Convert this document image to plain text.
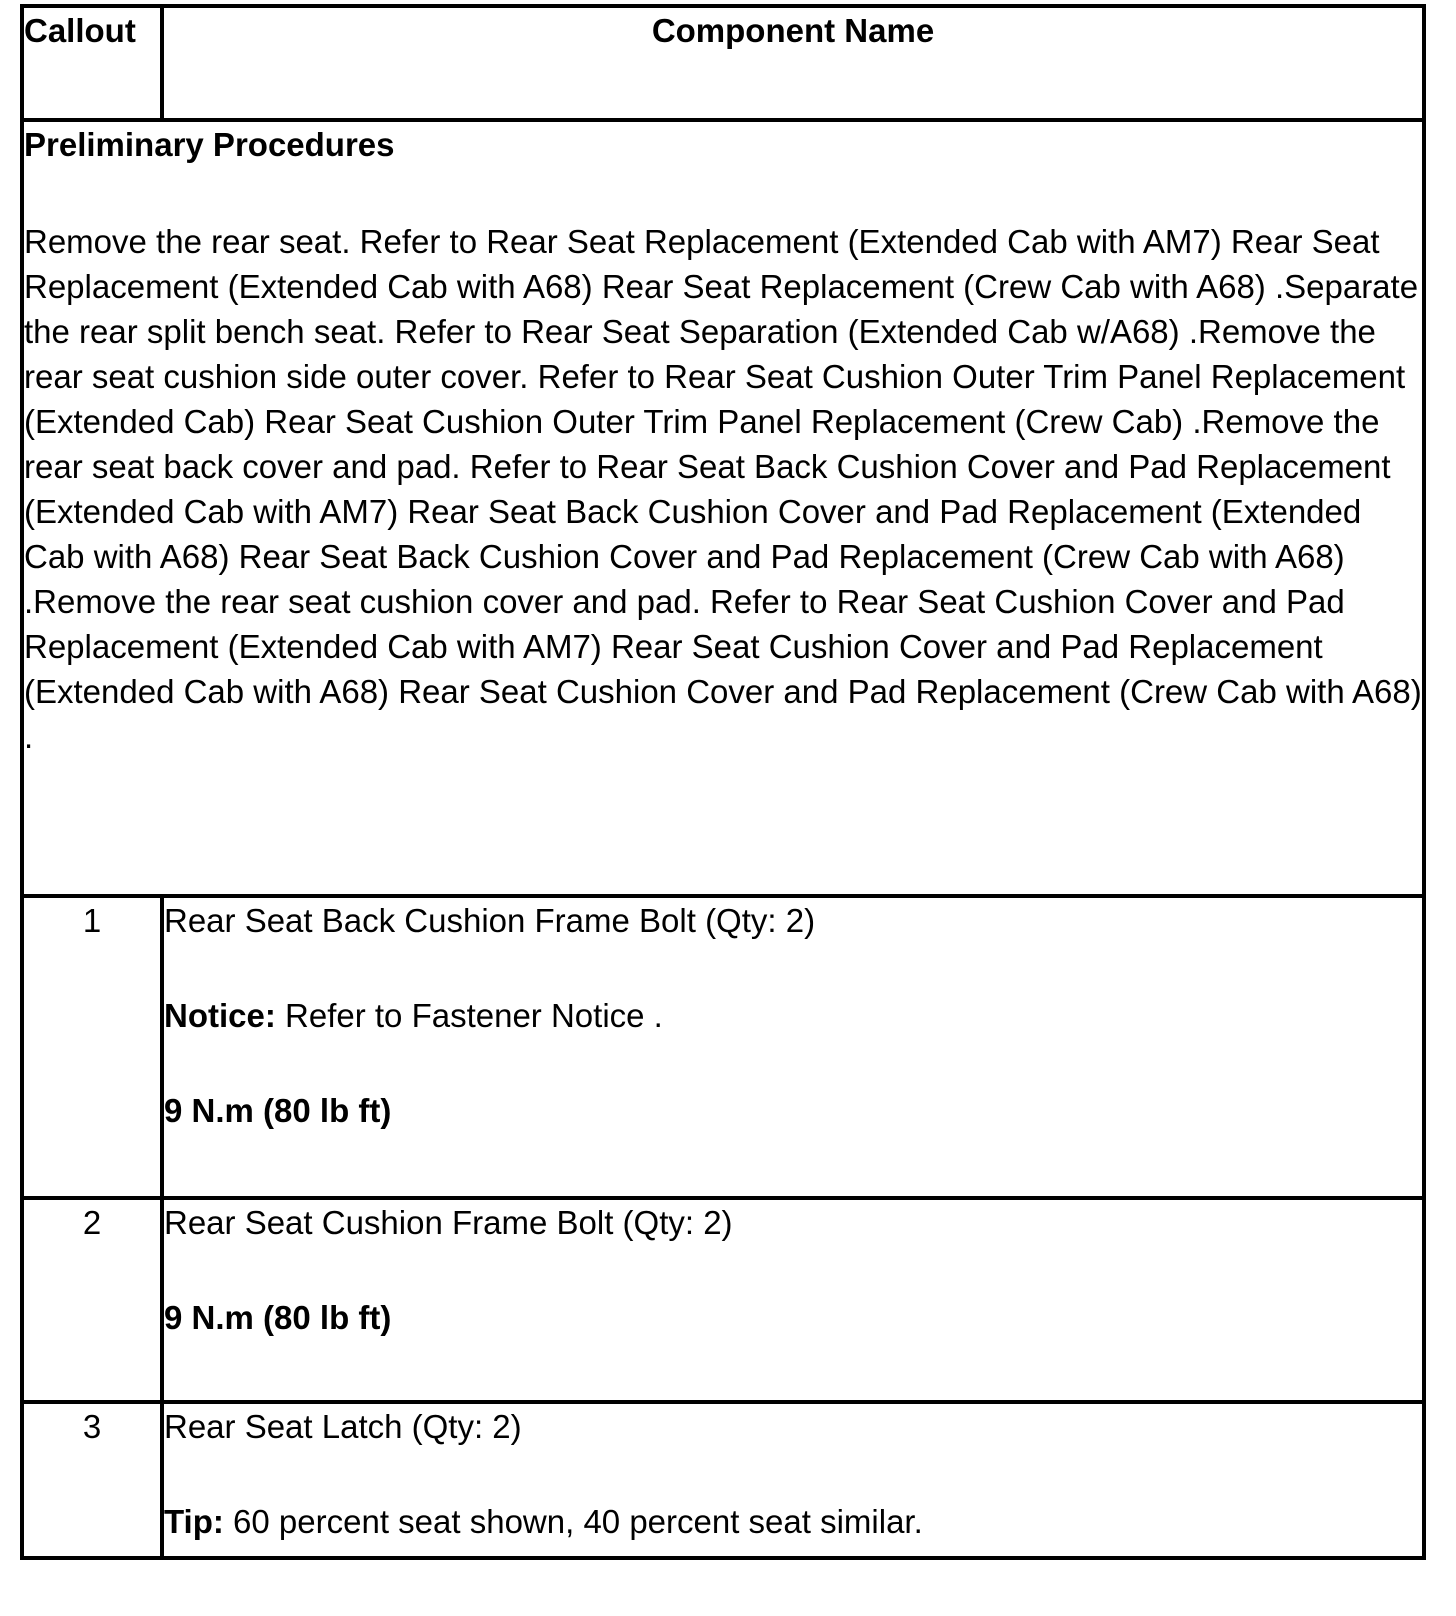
Callout	Component Name

Preliminary Procedures

Remove the rear seat. Refer to Rear Seat Replacement (Extended Cab with AM7) Rear Seat Replacement (Extended Cab with A68) Rear Seat Replacement (Crew Cab with A68) .Separate the rear split bench seat. Refer to Rear Seat Separation (Extended Cab w/A68) .Remove the rear seat cushion side outer cover. Refer to Rear Seat Cushion Outer Trim Panel Replacement (Extended Cab) Rear Seat Cushion Outer Trim Panel Replacement (Crew Cab) .Remove the rear seat back cover and pad. Refer to Rear Seat Back Cushion Cover and Pad Replacement (Extended Cab with AM7) Rear Seat Back Cushion Cover and Pad Replacement (Extended Cab with A68) Rear Seat Back Cushion Cover and Pad Replacement (Crew Cab with A68) .Remove the rear seat cushion cover and pad. Refer to Rear Seat Cushion Cover and Pad Replacement (Extended Cab with AM7) Rear Seat Cushion Cover and Pad Replacement (Extended Cab with A68) Rear Seat Cushion Cover and Pad Replacement (Crew Cab with A68) .	

1	Rear Seat Back Cushion Frame Bolt (Qty: 2)

Notice: Refer to Fastener Notice .

9 N.m (80 lb ft)

2	Rear Seat Cushion Frame Bolt (Qty: 2)

9 N.m (80 lb ft)

3	Rear Seat Latch (Qty: 2)

Tip: 60 percent seat shown, 40 percent seat similar.
